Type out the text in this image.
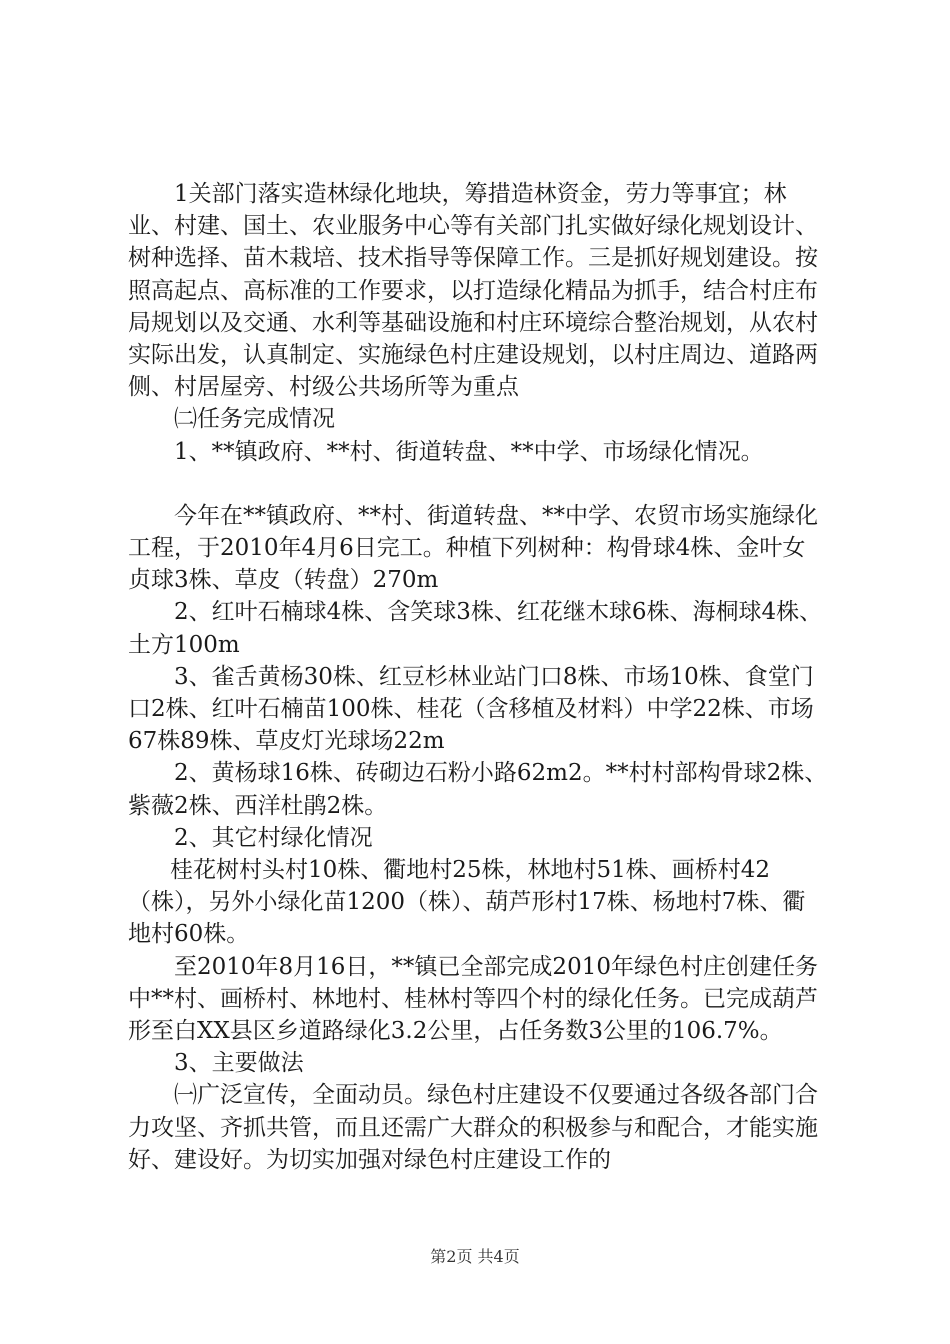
1关部门落实造林绿化地块，筹措造林资金，劳力等事宜；林业、村建、国土、农业服务中心等有关部门扎实做好绿化规划设计、树种选择、苗木栽培、技术指导等保障工作。三是抓好规划建设。按照高起点、高标准的工作要求，以打造绿化精品为抓手，结合村庄布局规划以及交通、水利等基础设施和村庄环境综合整治规划，从农村实际出发，认真制定、实施绿色村庄建设规划，以村庄周边、道路两侧、村居屋旁、村级公共场所等为重点

㈡任务完成情况

1、**镇政府、**村、街道转盘、**中学、市场绿化情况。

今年在**镇政府、**村、街道转盘、**中学、农贸市场实施绿化工程，于2010年4月6日完工。种植下列树种：构骨球4株、金叶女贞球3株、草皮（转盘）270m

2、红叶石楠球4株、含笑球3株、红花继木球6株、海桐球4株、土方100m

3、雀舌黄杨30株、红豆杉林业站门口8株、市场10株、食堂门口2株、红叶石楠苗100株、桂花（含移植及材料）中学22株、市场67株89株、草皮灯光球场22m

2、黄杨球16株、砖砌边石粉小路62m2。**村村部构骨球2株、紫薇2株、西洋杜鹃2株。

2、其它村绿化情况

桂花树村头村10株、衢地村25株，林地村51株、画桥村42（株），另外小绿化苗1200（株）、葫芦形村17株、杨地村7株、衢地村60株。

至2010年8月16日，**镇已全部完成2010年绿色村庄创建任务中**村、画桥村、林地村、桂林村等四个村的绿化任务。已完成葫芦形至白XX县区乡道路绿化3.2公里，占任务数3公里的106.7%。

3、主要做法

㈠广泛宣传，全面动员。绿色村庄建设不仅要通过各级各部门合力攻坚、齐抓共管，而且还需广大群众的积极参与和配合，才能实施好、建设好。为切实加强对绿色村庄建设工作的

第2页 共4页
